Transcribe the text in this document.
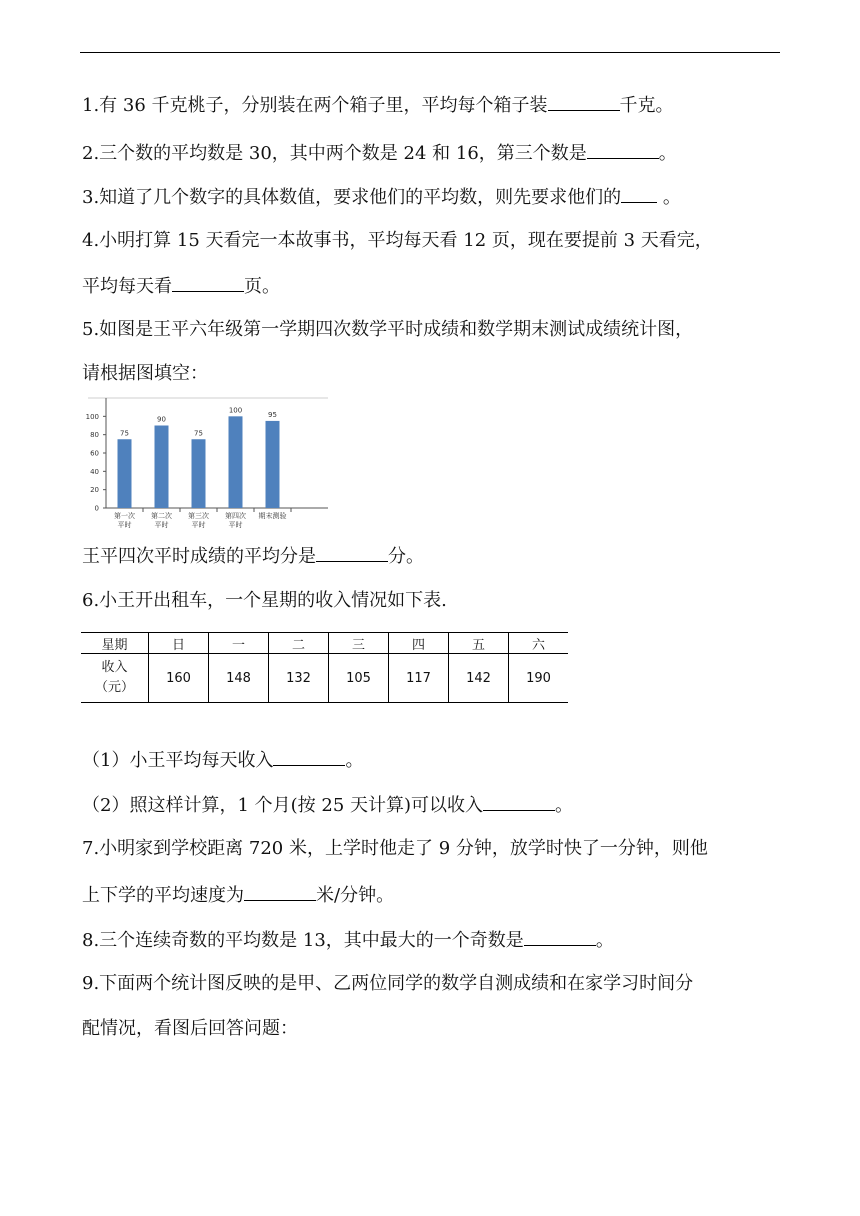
1.有 36 千克桃子，分别装在两个箱子里，平均每个箱子装	千克。
2.三个数的平均数是 30，其中两个数是 24 和 16，第三个数是	。
3.知道了几个数字的具体数值，要求他们的平均数，则先要求他们的 。
4.小明打算 15 天看完一本故事书，平均每天看 12 页，现在要提前 3 天看完，
平均每天看	页。
5.如图是王平六年级第一学期四次数学平时成绩和数学期末测试成绩统计图，
请根据图填空：
0
20
40
60
80
100
75
90
75
100
95
第一次
平时
第二次
平时
第三次
平时
第四次
平时
期末测验
王平四次平时成绩的平均分是	分。
6.小王开出租车，一个星期的收入情况如下表.
星期	日	一	二	三	四	五	六
收入
（元）	160	148	132	105	117	142	190
（1）小王平均每天收入	。
（2）照这样计算，1 个月(按 25 天计算)可以收入	。
7.小明家到学校距离 720 米，上学时他走了 9 分钟，放学时快了一分钟，则他
上下学的平均速度为	米/分钟。
8.三个连续奇数的平均数是 13，其中最大的一个奇数是	。
9.下面两个统计图反映的是甲、乙两位同学的数学自测成绩和在家学习时间分
配情况，看图后回答问题：
